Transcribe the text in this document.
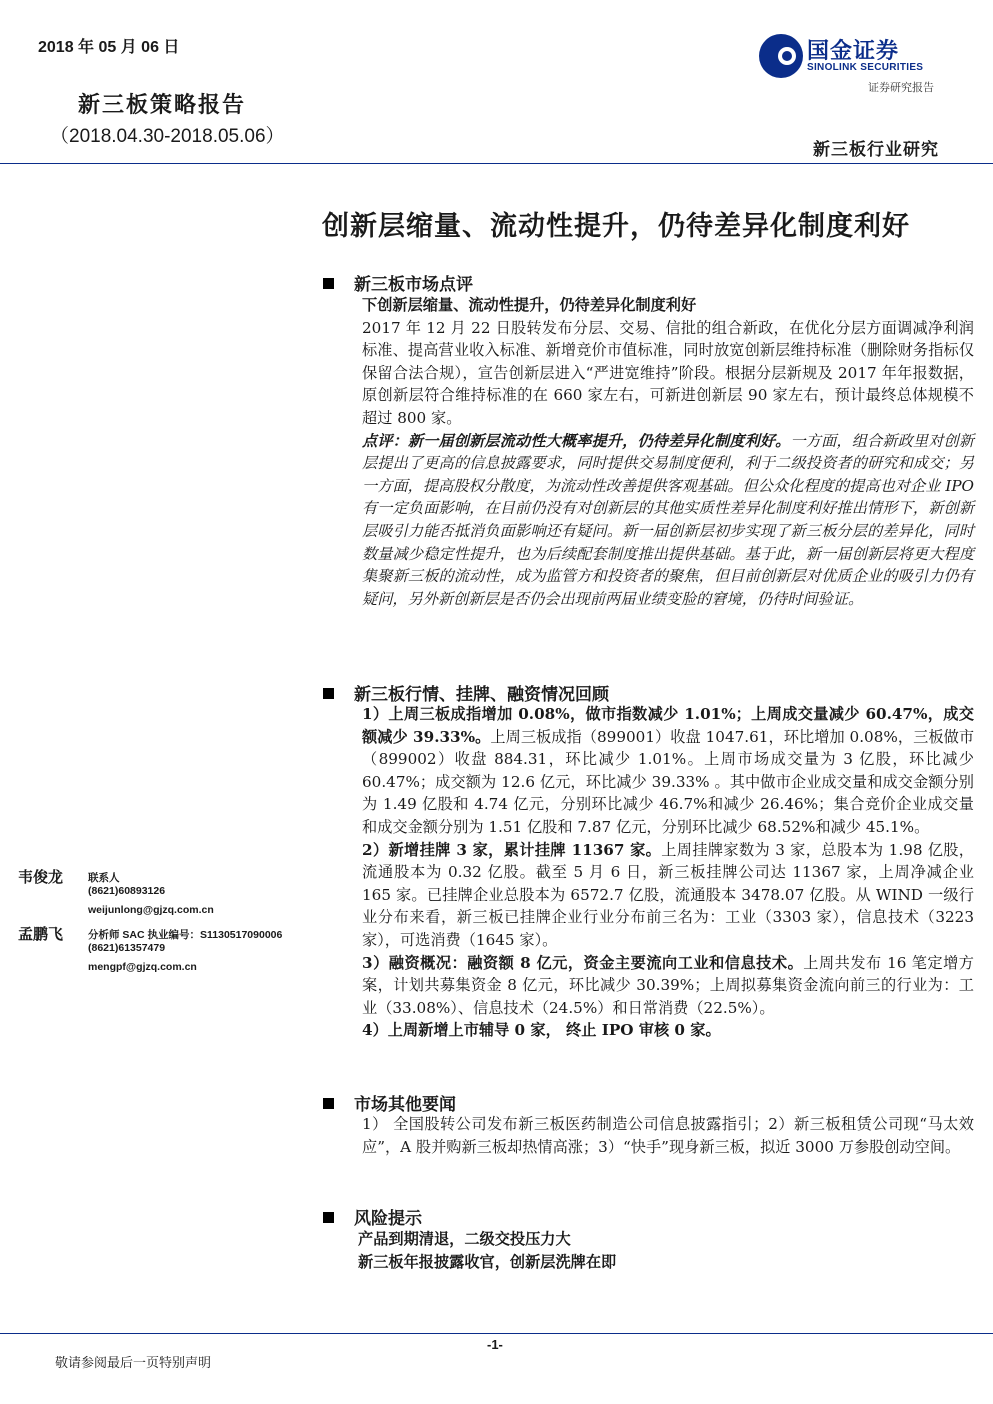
2018 年 05 月 06 日
新三板策略报告
（2018.04.30-2018.05.06）
国金证券
SINOLINK SECURITIES
证券研究报告
新三板行业研究
创新层缩量、流动性提升，仍待差异化制度利好
新三板市场点评

下创新层缩量、流动性提升，仍待差异化制度利好

2017 年 12 月 22 日股转发布分层、交易、信批的组合新政，在优化分层方面调减净利润标准、提高营业收入标准、新增竞价市值标准，同时放宽创新层维持标准（删除财务指标仅保留合法合规），宣告创新层进入“严进宽维持”阶段。根据分层新规及 2017 年年报数据，原创新层符合维持标准的在 660 家左右，可新进创新层 90 家左右，预计最终总体规模不超过 800 家。

点评：新一届创新层流动性大概率提升，仍待差异化制度利好。一方面，组合新政里对创新层提出了更高的信息披露要求，同时提供交易制度便利，利于二级投资者的研究和成交；另一方面，提高股权分散度，为流动性改善提供客观基础。但公众化程度的提高也对企业 IPO 有一定负面影响，在目前仍没有对创新层的其他实质性差异化制度利好推出情形下，新创新层吸引力能否抵消负面影响还有疑问。新一届创新层初步实现了新三板分层的差异化，同时数量减少稳定性提升，也为后续配套制度推出提供基础。基于此，新一届创新层将更大程度集聚新三板的流动性，成为监管方和投资者的聚焦，但目前创新层对优质企业的吸引力仍有疑问，另外新创新层是否仍会出现前两届业绩变脸的窘境，仍待时间验证。

新三板行情、挂牌、融资情况回顾

1）上周三板成指增加 0.08%，做市指数减少 1.01%；上周成交量减少 60.47%，成交额减少 39.33%。上周三板成指（899001）收盘 1047.61，环比增加 0.08%，三板做市（899002）收盘 884.31，环比减少 1.01%。上周市场成交量为 3 亿股，环比减少 60.47%；成交额为 12.6 亿元，环比减少 39.33% 。其中做市企业成交量和成交金额分别为 1.49 亿股和 4.74 亿元，分别环比减少 46.7%和减少 26.46%；集合竞价企业成交量和成交金额分别为 1.51 亿股和 7.87 亿元，分别环比减少 68.52%和减少 45.1%。

2）新增挂牌 3 家，累计挂牌 11367 家。上周挂牌家数为 3 家，总股本为 1.98 亿股，流通股本为 0.32 亿股。截至 5 月 6 日，新三板挂牌公司达 11367 家，上周净减企业 165 家。已挂牌企业总股本为 6572.7 亿股，流通股本 3478.07 亿股。从 WIND 一级行业分布来看，新三板已挂牌企业行业分布前三名为：工业（3303 家），信息技术（3223 家），可选消费（1645 家）。

3）融资概况：融资额 8 亿元，资金主要流向工业和信息技术。上周共发布 16 笔定增方案，计划共募集资金 8 亿元，环比减少 30.39%；上周拟募集资金流向前三的行业为：工业（33.08%）、信息技术（24.5%）和日常消费（22.5%）。

4）上周新增上市辅导 0 家， 终止 IPO 审核 0 家。

韦俊龙 联系人
(8621)60893126
weijunlong@gjzq.com.cn
孟鹏飞 分析师 SAC 执业编号：S1130517090006
(8621)61357479
mengpf@gjzq.com.cn
市场其他要闻

1） 全国股转公司发布新三板医药制造公司信息披露指引；2）新三板租赁公司现“马太效应”，A 股并购新三板却热情高涨；3）“快手”现身新三板，拟近 3000 万参股创动空间。

风险提示

产品到期清退，二级交投压力大

新三板年报披露收官，创新层洗牌在即

-1-
敬请参阅最后一页特别声明
